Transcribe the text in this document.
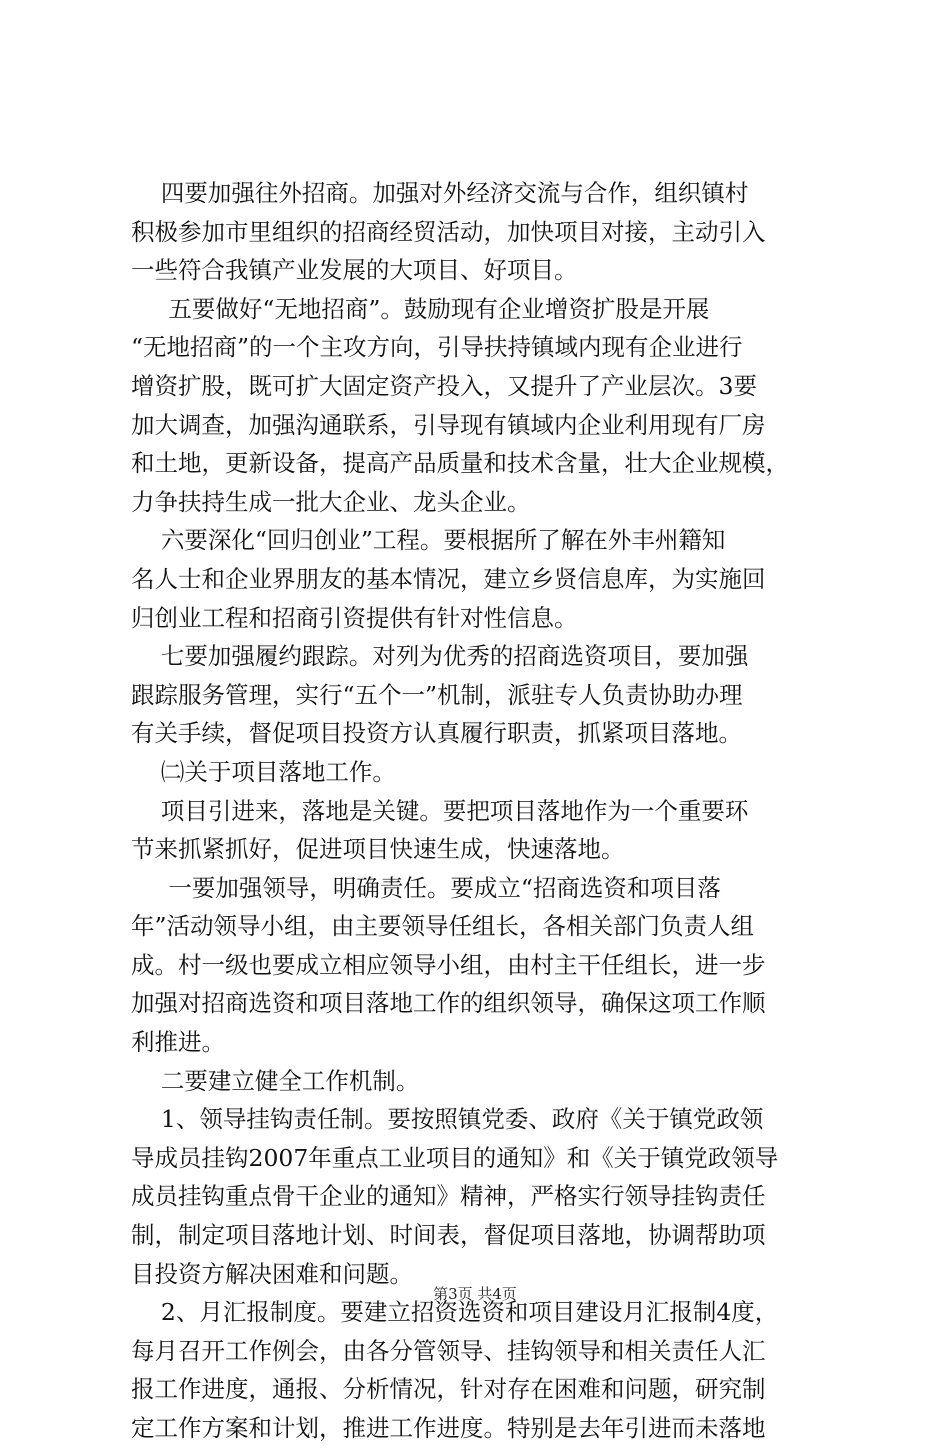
四要加强往外招商。加强对外经济交流与合作，组织镇村
积极参加市里组织的招商经贸活动，加快项目对接，主动引入
一些符合我镇产业发展的大项目、好项目。
五要做好“无地招商”。鼓励现有企业增资扩股是开展
“无地招商”的一个主攻方向，引导扶持镇域内现有企业进行
增资扩股，既可扩大固定资产投入，又提升了产业层次。3要
加大调查，加强沟通联系，引导现有镇域内企业利用现有厂房
和土地，更新设备，提高产品质量和技术含量，壮大企业规模，
力争扶持生成一批大企业、龙头企业。
六要深化“回归创业”工程。要根据所了解在外丰州籍知
名人士和企业界朋友的基本情况，建立乡贤信息库，为实施回
归创业工程和招商引资提供有针对性信息。
七要加强履约跟踪。对列为优秀的招商选资项目，要加强
跟踪服务管理，实行“五个一”机制，派驻专人负责协助办理
有关手续，督促项目投资方认真履行职责，抓紧项目落地。
㈡关于项目落地工作。
项目引进来，落地是关键。要把项目落地作为一个重要环
节来抓紧抓好，促进项目快速生成，快速落地。
一要加强领导，明确责任。要成立“招商选资和项目落
年”活动领导小组，由主要领导任组长，各相关部门负责人组
成。村一级也要成立相应领导小组，由村主干任组长，进一步
加强对招商选资和项目落地工作的组织领导，确保这项工作顺
利推进。
二要建立健全工作机制。
1、领导挂钩责任制。要按照镇党委、政府《关于镇党政领
导成员挂钩2007年重点工业项目的通知》和《关于镇党政领导
成员挂钩重点骨干企业的通知》精神，严格实行领导挂钩责任
制，制定项目落地计划、时间表，督促项目落地，协调帮助项
目投资方解决困难和问题。
2、月汇报制度。要建立招资选资和项目建设月汇报制4度，
每月召开工作例会，由各分管领导、挂钩领导和相关责任人汇
报工作进度，通报、分析情况，针对存在困难和问题，研究制
定工作方案和计划，推进工作进度。特别是去年引进而未落地
第3页 共4页
